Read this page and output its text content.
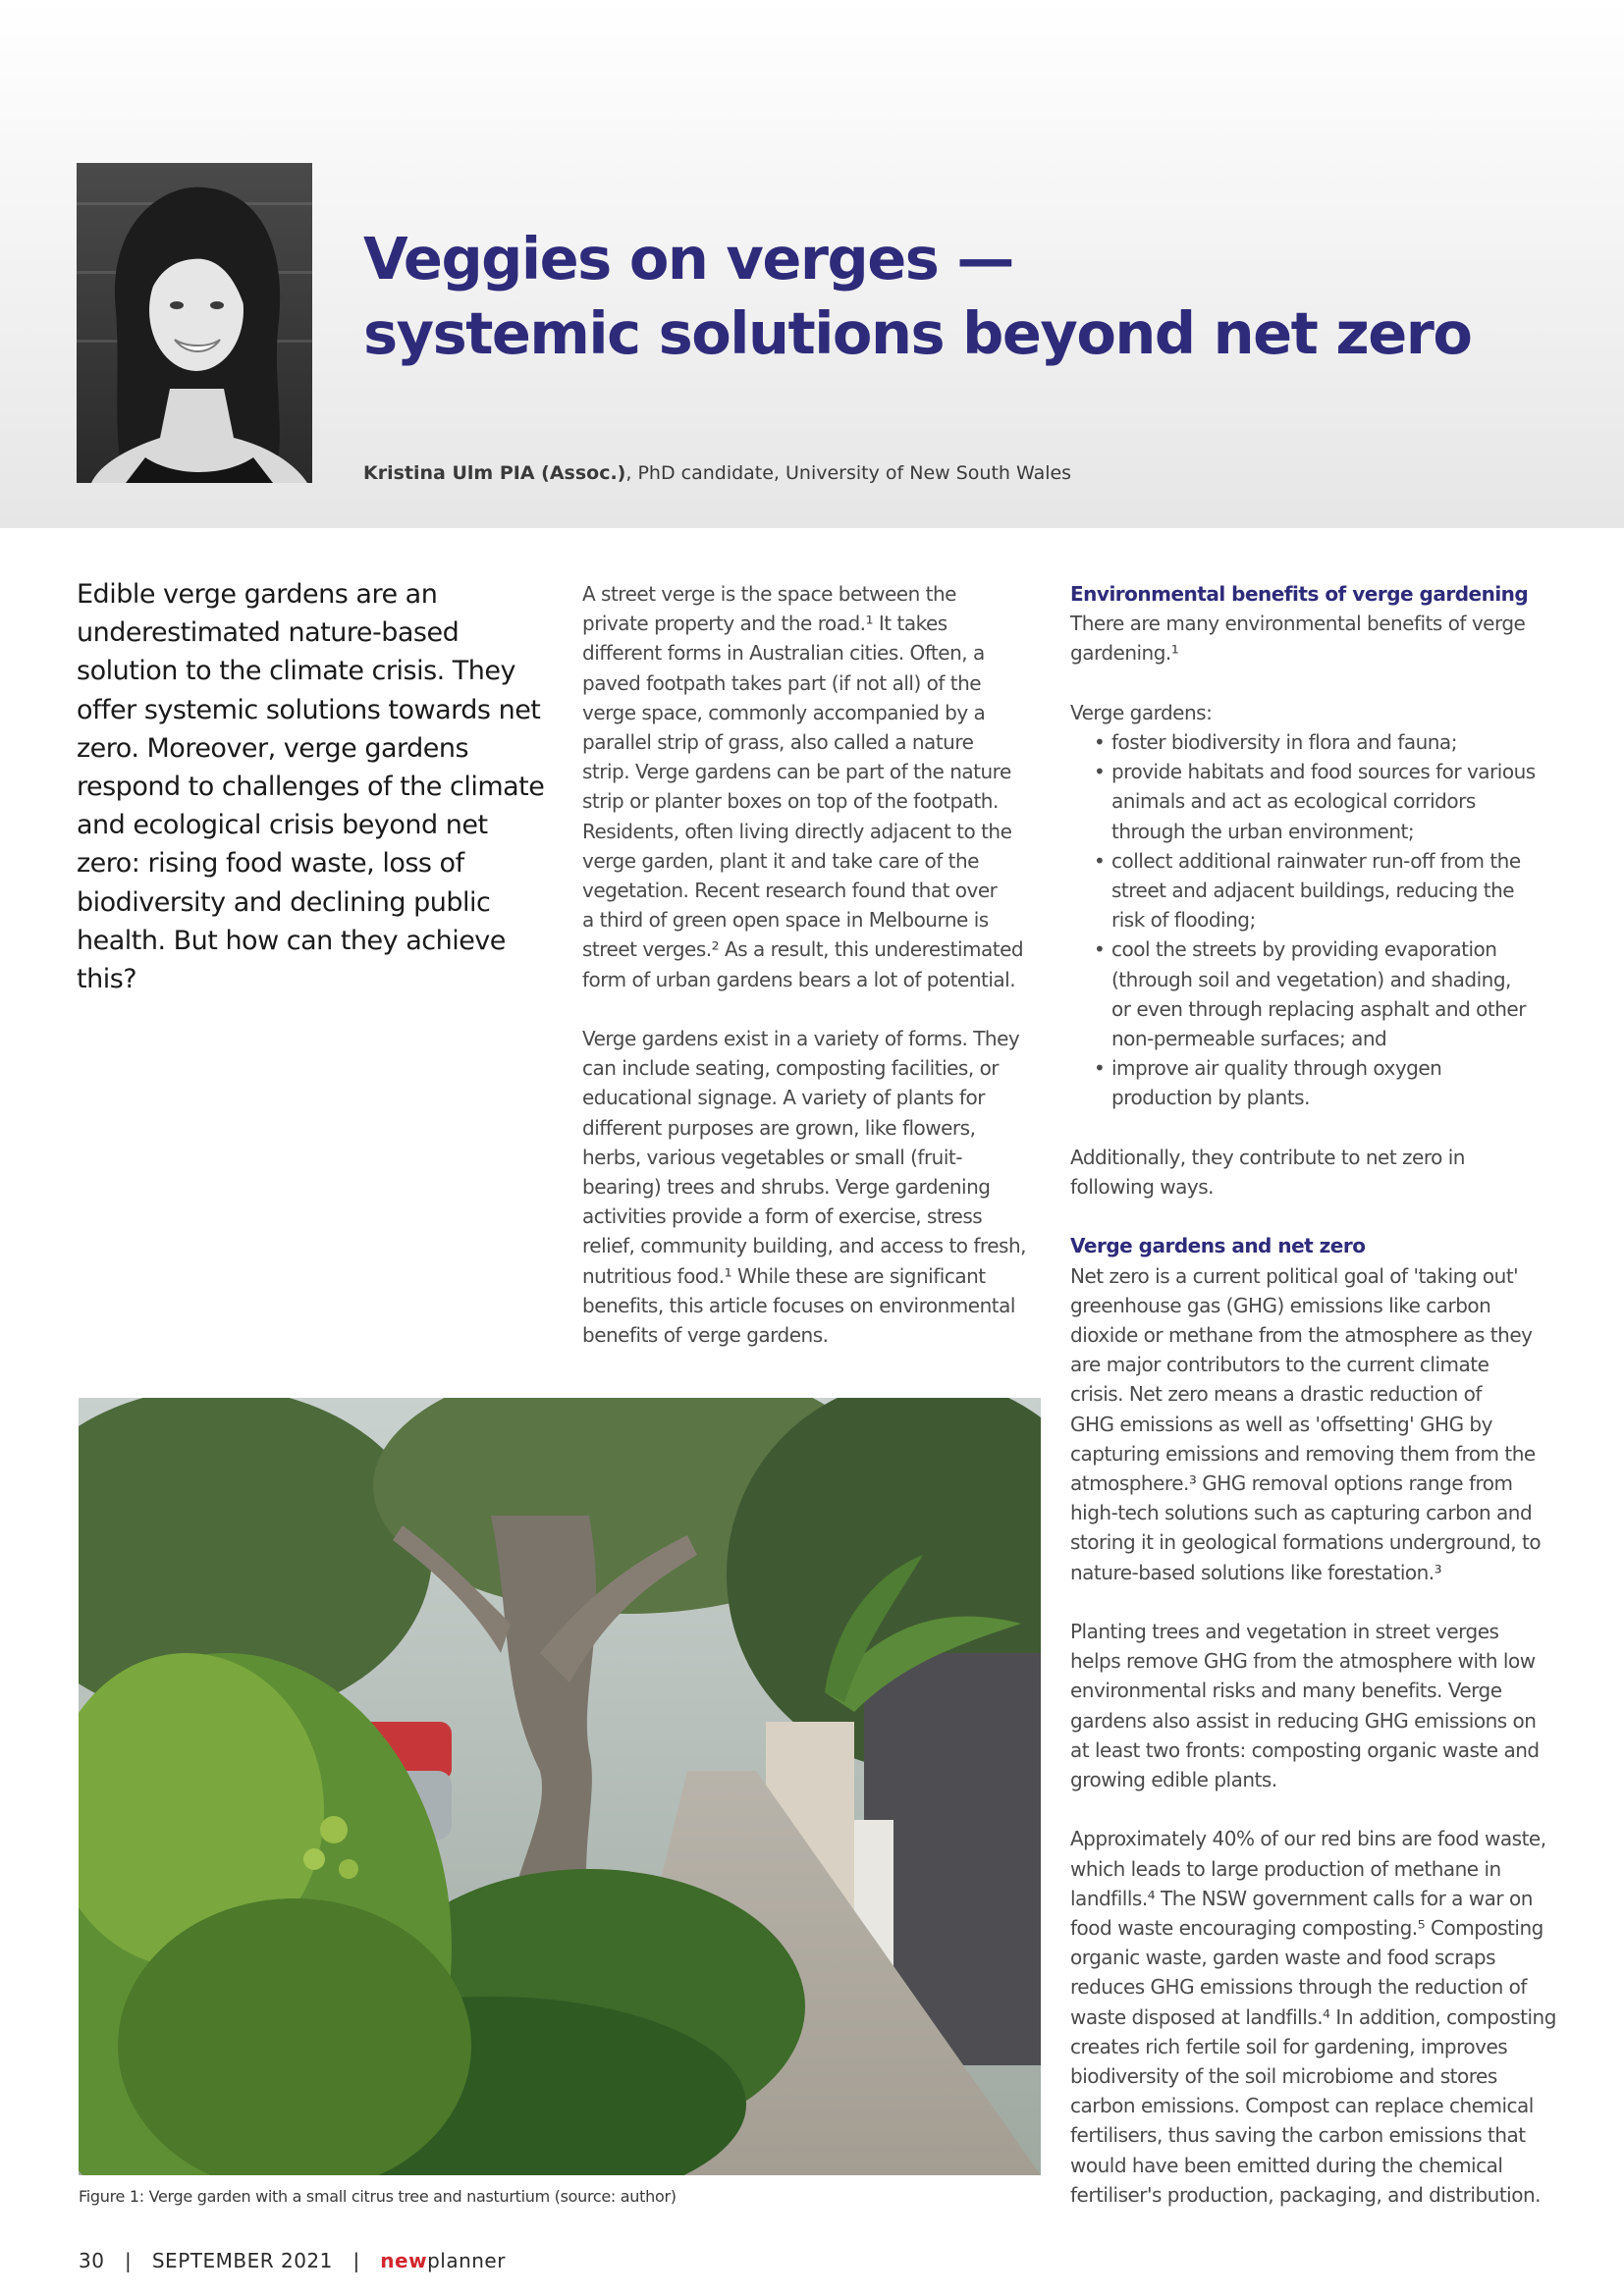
Veggies on verges —
systemic solutions beyond net zero
Kristina Ulm PIA (Assoc.), PhD candidate, University of New South Wales

Edible verge gardens are an underestimated nature-based solution to the climate crisis. They offer systemic solutions towards net zero. Moreover, verge gardens respond to challenges of the climate and ecological crisis beyond net zero: rising food waste, loss of biodiversity and declining public health. But how can they achieve this?

A street verge is the space between the
private property and the road.¹ It takes
different forms in Australian cities. Often, a
paved footpath takes part (if not all) of the
verge space, commonly accompanied by a
parallel strip of grass, also called a nature
strip. Verge gardens can be part of the nature
strip or planter boxes on top of the footpath.
Residents, often living directly adjacent to the
verge garden, plant it and take care of the
vegetation. Recent research found that over
a third of green open space in Melbourne is
street verges.² As a result, this underestimated
form of urban gardens bears a lot of potential.

Verge gardens exist in a variety of forms. They
can include seating, composting facilities, or
educational signage. A variety of plants for
different purposes are grown, like flowers,
herbs, various vegetables or small (fruit-
bearing) trees and shrubs. Verge gardening
activities provide a form of exercise, stress
relief, community building, and access to fresh,
nutritious food.¹ While these are significant
benefits, this article focuses on environmental
benefits of verge gardens.

Environmental benefits of verge gardening
There are many environmental benefits of verge
gardening.¹
Verge gardens:
• foster biodiversity in flora and fauna;
• provide habitats and food sources for various
animals and act as ecological corridors
through the urban environment;
• collect additional rainwater run-off from the
street and adjacent buildings, reducing the
risk of flooding;
• cool the streets by providing evaporation
(through soil and vegetation) and shading,
or even through replacing asphalt and other
non-permeable surfaces; and
• improve air quality through oxygen
production by plants.
Additionally, they contribute to net zero in
following ways.
Verge gardens and net zero
Net zero is a current political goal of 'taking out'
greenhouse gas (GHG) emissions like carbon
dioxide or methane from the atmosphere as they
are major contributors to the current climate
crisis. Net zero means a drastic reduction of
GHG emissions as well as 'offsetting' GHG by
capturing emissions and removing them from the
atmosphere.³ GHG removal options range from
high-tech solutions such as capturing carbon and
storing it in geological formations underground, to
nature-based solutions like forestation.³
Planting trees and vegetation in street verges
helps remove GHG from the atmosphere with low
environmental risks and many benefits. Verge
gardens also assist in reducing GHG emissions on
at least two fronts: composting organic waste and
growing edible plants.
Approximately 40% of our red bins are food waste,
which leads to large production of methane in
landfills.⁴ The NSW government calls for a war on
food waste encouraging composting.⁵ Composting
organic waste, garden waste and food scraps
reduces GHG emissions through the reduction of
waste disposed at landfills.⁴ In addition, composting
creates rich fertile soil for gardening, improves
biodiversity of the soil microbiome and stores
carbon emissions. Compost can replace chemical
fertilisers, thus saving the carbon emissions that
would have been emitted during the chemical
fertiliser's production, packaging, and distribution.
Figure 1: Verge garden with a small citrus tree and nasturtium (source: author)
30 | SEPTEMBER 2021 | newplanner
